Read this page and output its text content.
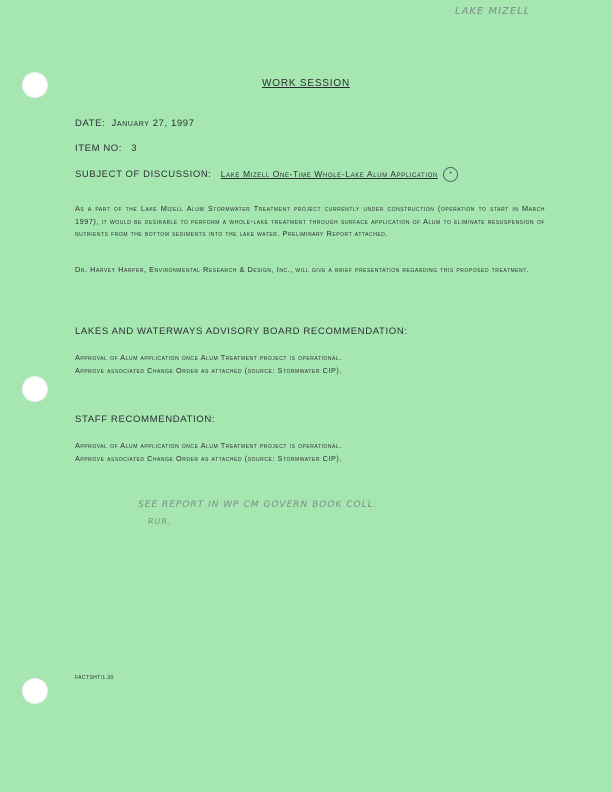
LAKE MIZELL
WORK SESSION
DATE: January 27, 1997
ITEM NO: 3
SUBJECT OF DISCUSSION: Lake Mizell One-Time Whole-Lake Alum Application *
As a part of the Lake Mizell Alum Stormwater Treatment project currently under construction (operation to start in March 1997), it would be desirable to perform a whole-lake treatment through surface application of Alum to eliminate resuspension of nutrients from the bottom sediments into the lake water. Preliminary Report attached.
Dr. Harvey Harper, Environmental Research & Design, Inc., will give a brief presentation regarding this proposed treatment.
LAKES AND WATERWAYS ADVISORY BOARD RECOMMENDATION:
Approval of Alum application once Alum Treatment project is operational.
Approve associated Change Order as attached (source: Stormwater CIP).
STAFF RECOMMENDATION:
Approval of Alum application once Alum Treatment project is operational.
Approve associated Change Order as attached (source: Stormwater CIP).
SEE REPORT IN WP CM GOVERN BOOK COLL.
RUR.
FACTSHT\1.30
